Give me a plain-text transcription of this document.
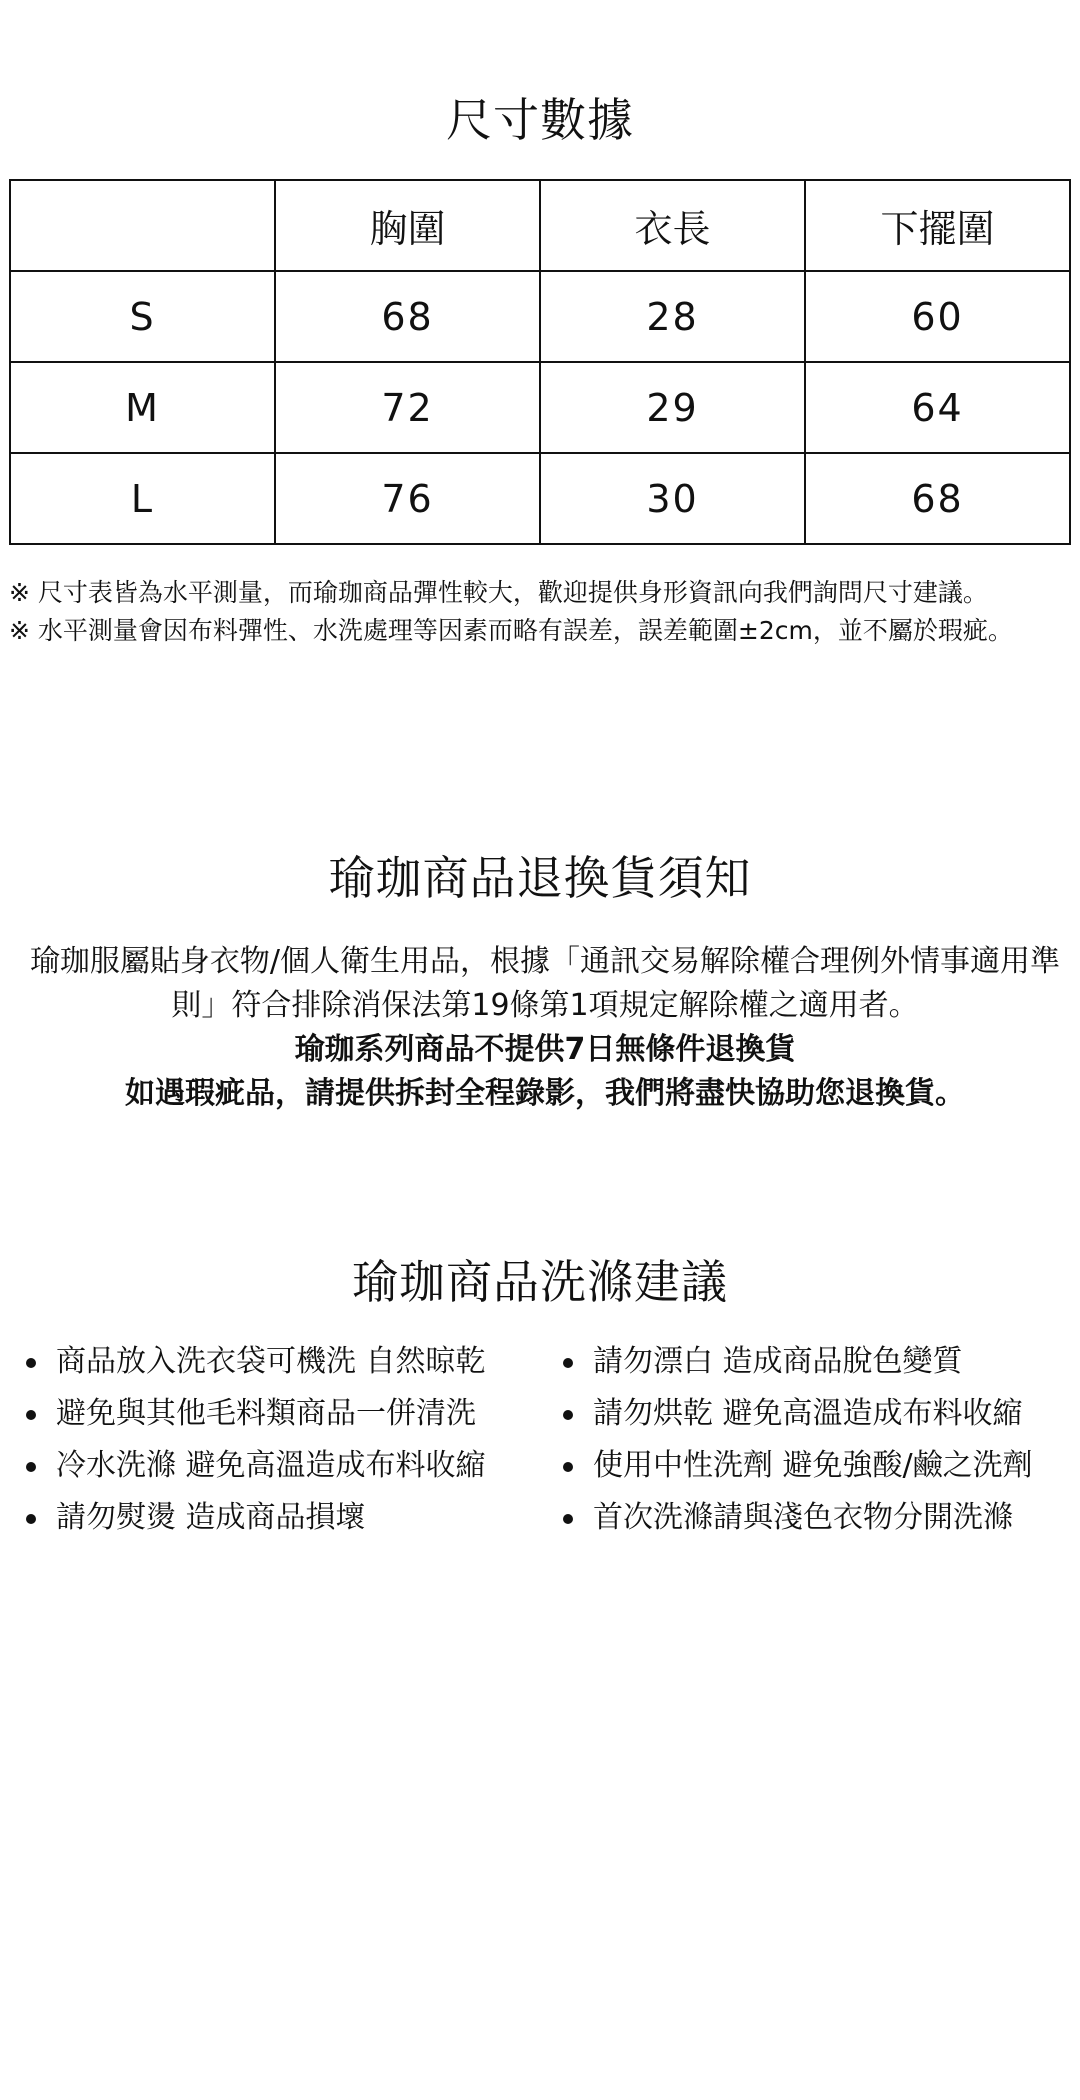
尺寸數據
	胸圍	衣長	下擺圍
S	68	28	60
M	72	29	64
L	76	30	68
※ 尺寸表皆為水平測量，而瑜珈商品彈性較大，歡迎提供身形資訊向我們詢問尺寸建議。
※ 水平測量會因布料彈性、水洗處理等因素而略有誤差，誤差範圍±2cm，並不屬於瑕疵。
瑜珈商品退換貨須知
瑜珈服屬貼身衣物/個人衛生用品，根據「通訊交易解除權合理例外情事適用準則」符合排除消保法第19條第1項規定解除權之適用者。
瑜珈系列商品不提供7日無條件退換貨
如遇瑕疵品，請提供拆封全程錄影，我們將盡快協助您退換貨。
瑜珈商品洗滌建議
商品放入洗衣袋可機洗 自然晾乾
避免與其他毛料類商品一併清洗
冷水洗滌 避免高溫造成布料收縮
請勿熨燙 造成商品損壞
請勿漂白 造成商品脫色變質
請勿烘乾 避免高溫造成布料收縮
使用中性洗劑 避免強酸/鹼之洗劑
首次洗滌請與淺色衣物分開洗滌
